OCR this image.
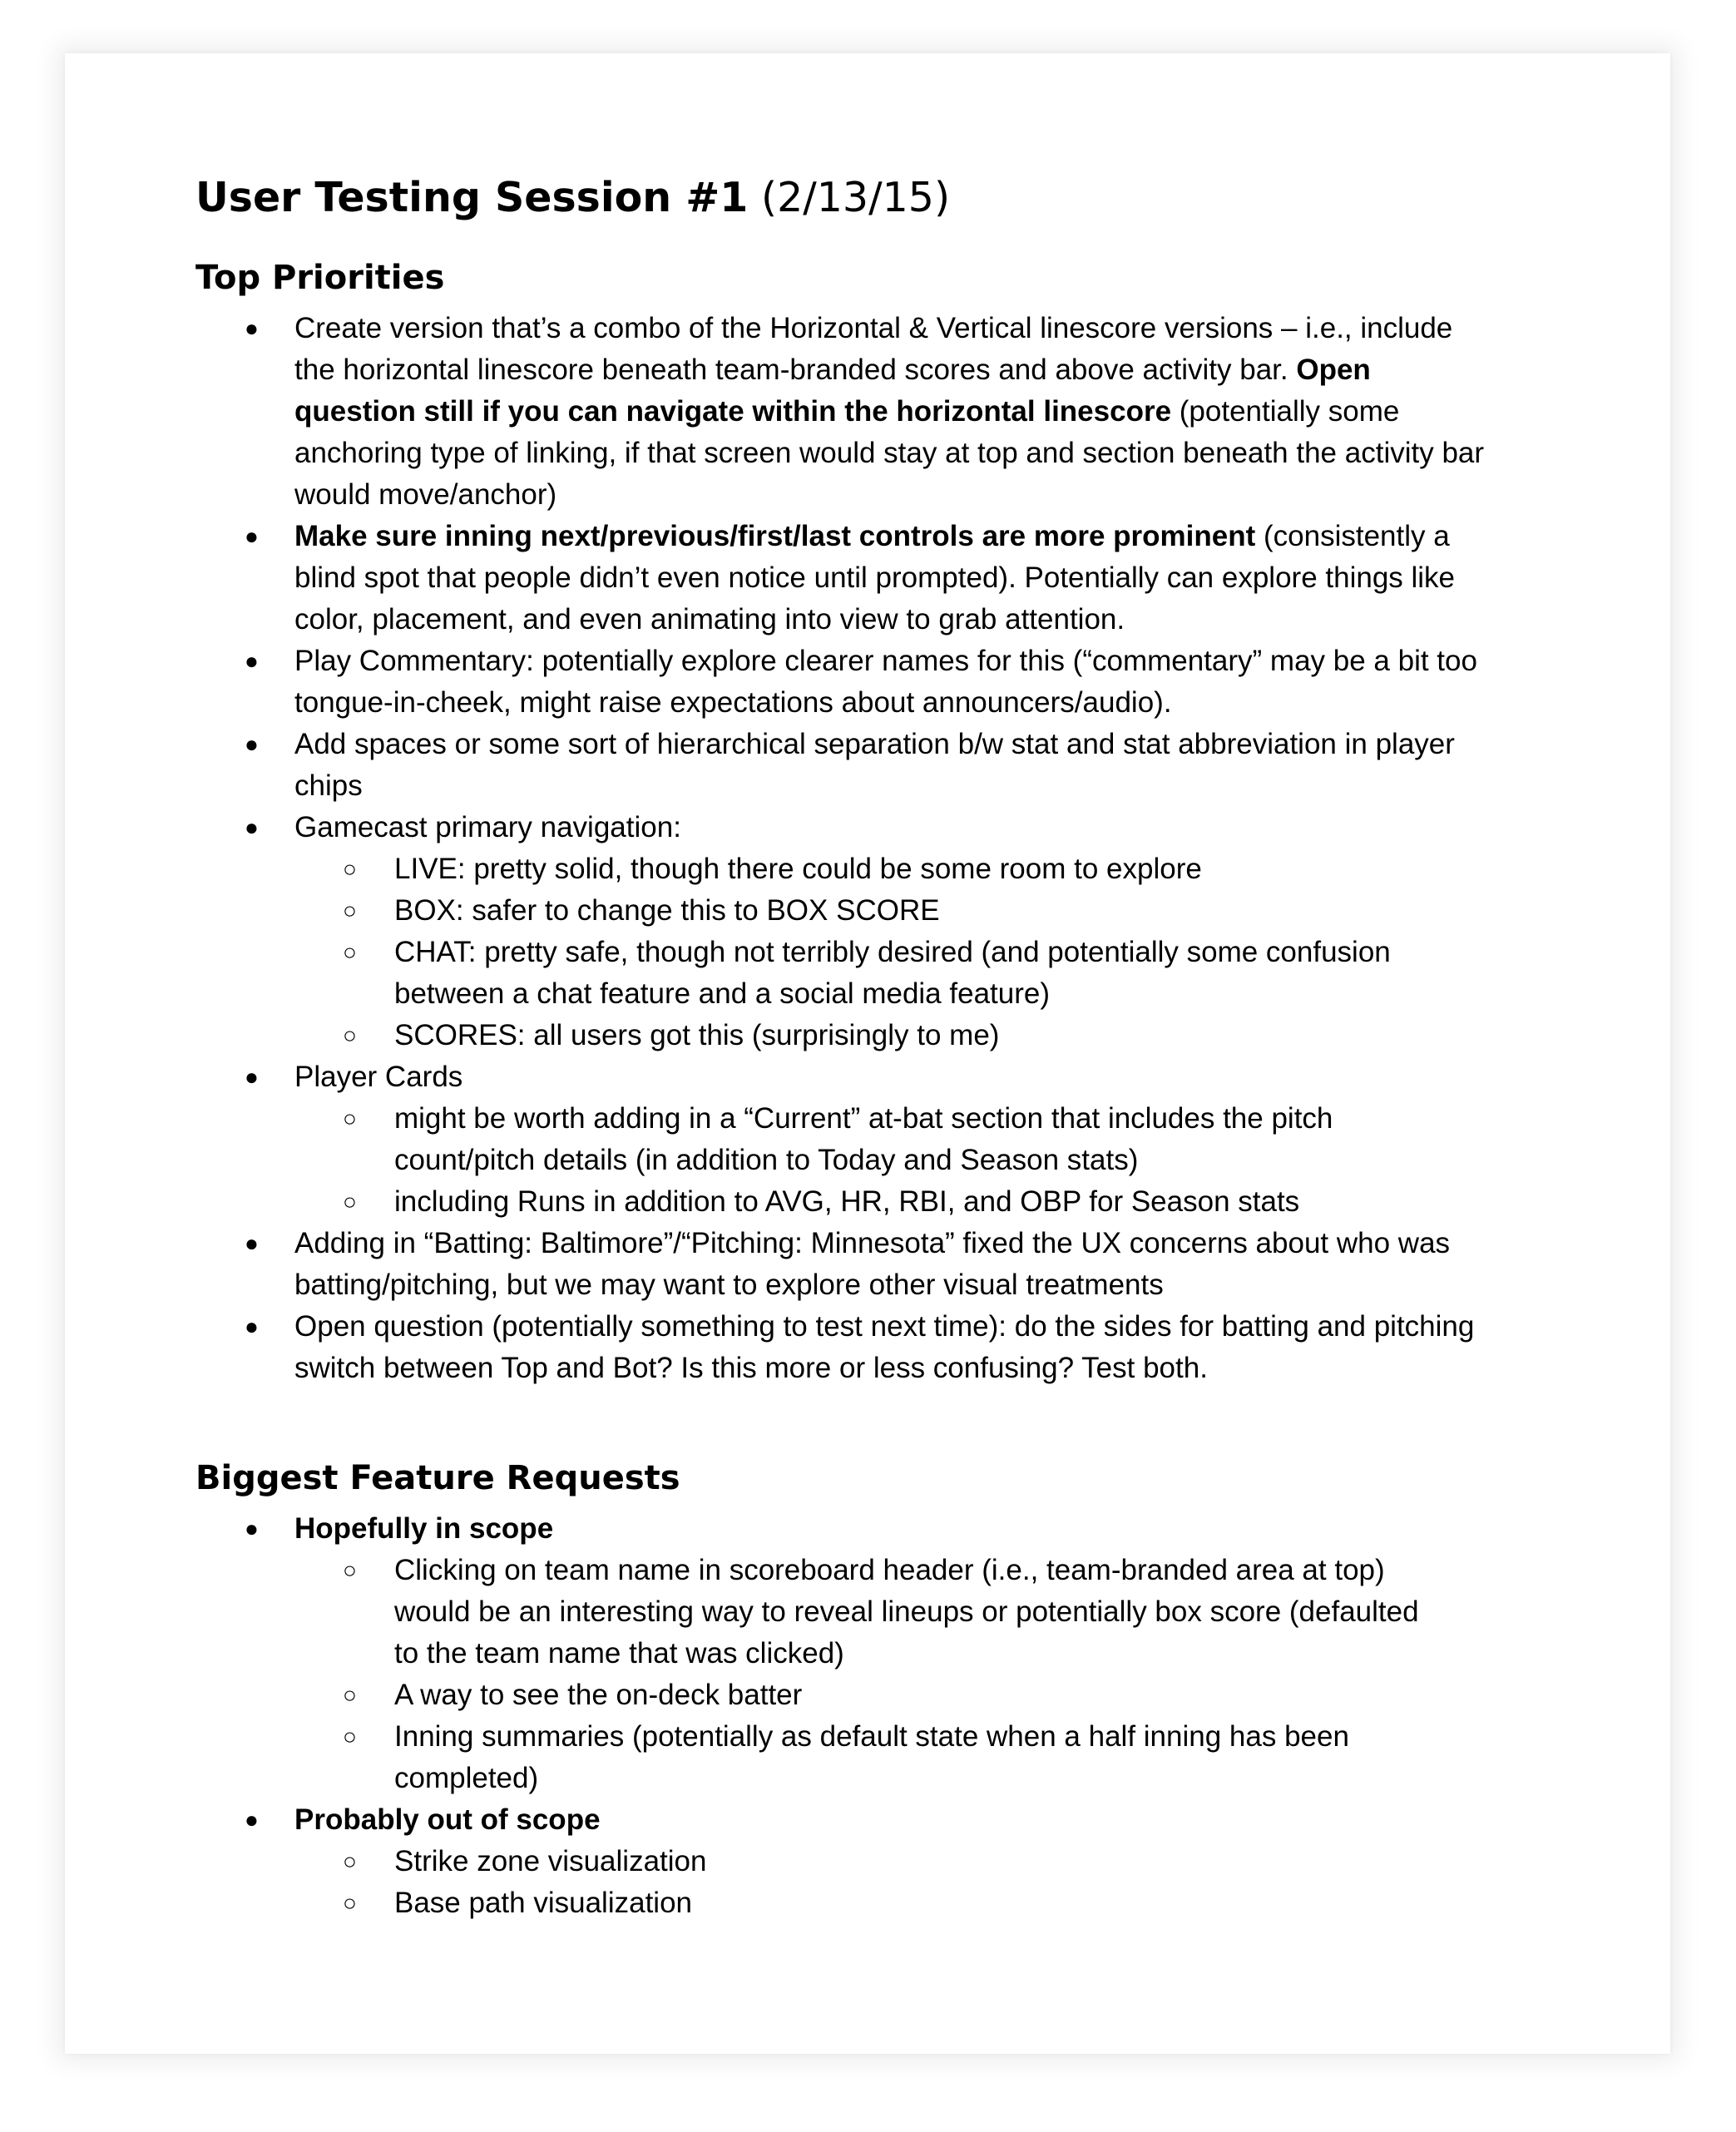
User Testing Session #1 (2/13/15)
Top Priorities
● Create version that’s a combo of the Horizontal & Vertical linescore versions – i.e., include the horizontal linescore beneath team-branded scores and above activity bar. Open question still if you can navigate within the horizontal linescore (potentially some anchoring type of linking, if that screen would stay at top and section beneath the activity bar would move/anchor)
● Make sure inning next/previous/first/last controls are more prominent (consistently a blind spot that people didn’t even notice until prompted). Potentially can explore things like color, placement, and even animating into view to grab attention.
● Play Commentary: potentially explore clearer names for this (“commentary” may be a bit too tongue-in-cheek, might raise expectations about announcers/audio).
● Add spaces or some sort of hierarchical separation b/w stat and stat abbreviation in player chips
● Gamecast primary navigation:
○ LIVE: pretty solid, though there could be some room to explore
○ BOX: safer to change this to BOX SCORE
○ CHAT: pretty safe, though not terribly desired (and potentially some confusion between a chat feature and a social media feature)
○ SCORES: all users got this (surprisingly to me)
● Player Cards
○ might be worth adding in a “Current” at-bat section that includes the pitch count/pitch details (in addition to Today and Season stats)
○ including Runs in addition to AVG, HR, RBI, and OBP for Season stats
● Adding in “Batting: Baltimore”/“Pitching: Minnesota” fixed the UX concerns about who was batting/pitching, but we may want to explore other visual treatments
● Open question (potentially something to test next time): do the sides for batting and pitching switch between Top and Bot? Is this more or less confusing? Test both.
Biggest Feature Requests
● Hopefully in scope
○ Clicking on team name in scoreboard header (i.e., team-branded area at top) would be an interesting way to reveal lineups or potentially box score (defaulted to the team name that was clicked)
○ A way to see the on-deck batter
○ Inning summaries (potentially as default state when a half inning has been completed)
● Probably out of scope
○ Strike zone visualization
○ Base path visualization
